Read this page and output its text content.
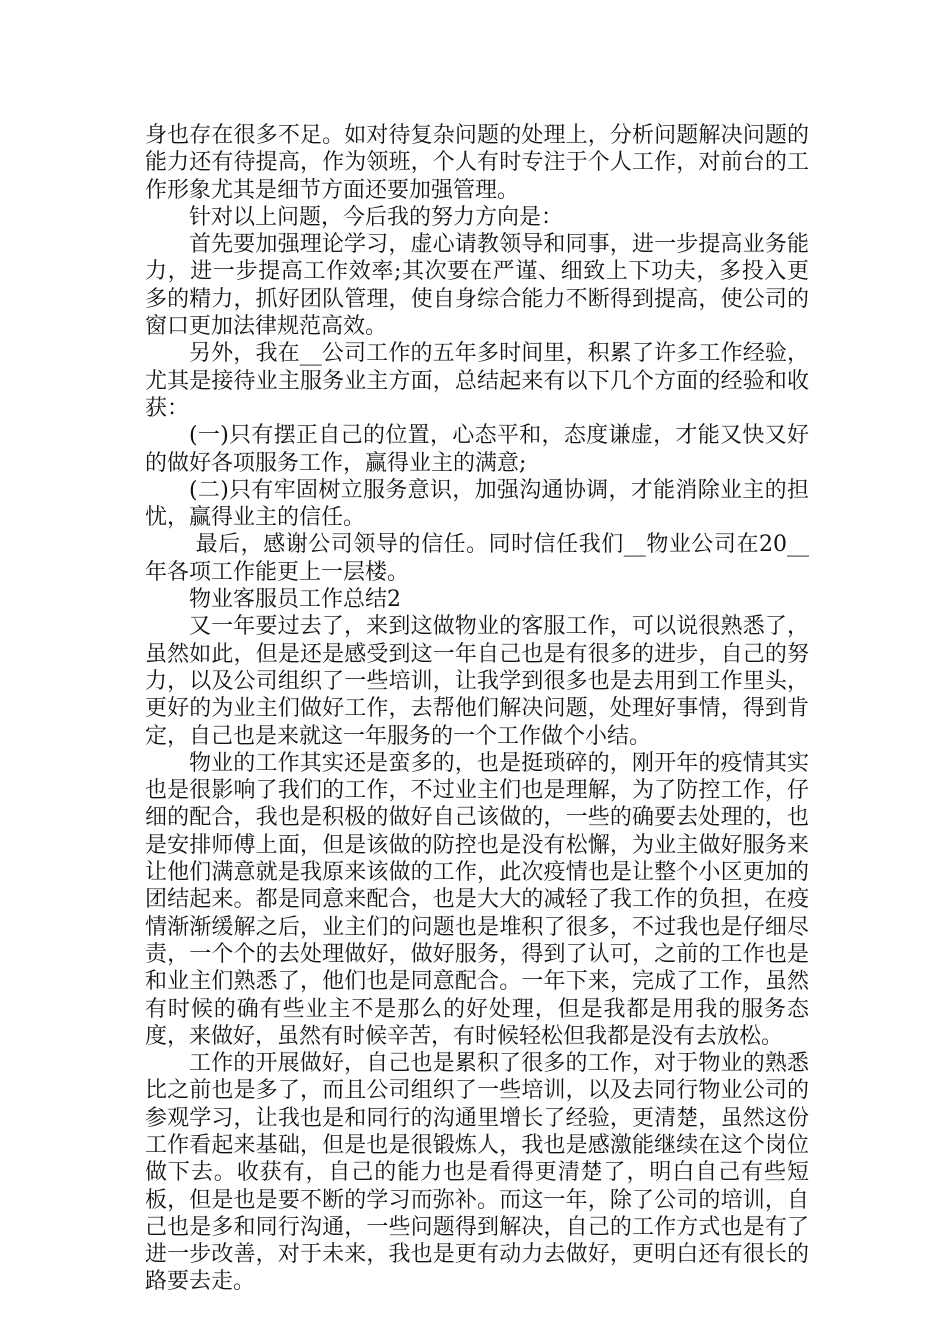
身也存在很多不足。如对待复杂问题的处理上，分析问题解决问题的能力还有待提高，作为领班，个人有时专注于个人工作，对前台的工作形象尤其是细节方面还要加强管理。

针对以上问题，今后我的努力方向是：

首先要加强理论学习，虚心请教领导和同事，进一步提高业务能力，进一步提高工作效率;其次要在严谨、细致上下功夫，多投入更多的精力，抓好团队管理，使自身综合能力不断得到提高，使公司的窗口更加法律规范高效。

另外，我在__公司工作的五年多时间里，积累了许多工作经验，尤其是接待业主服务业主方面，总结起来有以下几个方面的经验和收获：

(一)只有摆正自己的位置，心态平和，态度谦虚，才能又快又好的做好各项服务工作，赢得业主的满意;

(二)只有牢固树立服务意识，加强沟通协调，才能消除业主的担忧，赢得业主的信任。

最后，感谢公司领导的信任。同时信任我们__物业公司在20__年各项工作能更上一层楼。

物业客服员工作总结2

又一年要过去了，来到这做物业的客服工作，可以说很熟悉了，虽然如此，但是还是感受到这一年自己也是有很多的进步，自己的努力，以及公司组织了一些培训，让我学到很多也是去用到工作里头，更好的为业主们做好工作，去帮他们解决问题，处理好事情，得到肯定，自己也是来就这一年服务的一个工作做个小结。

物业的工作其实还是蛮多的，也是挺琐碎的，刚开年的疫情其实也是很影响了我们的工作，不过业主们也是理解，为了防控工作，仔细的配合，我也是积极的做好自己该做的，一些的确要去处理的，也是安排师傅上面，但是该做的防控也是没有松懈，为业主做好服务来让他们满意就是我原来该做的工作，此次疫情也是让整个小区更加的团结起来。都是同意来配合，也是大大的减轻了我工作的负担，在疫情渐渐缓解之后，业主们的问题也是堆积了很多，不过我也是仔细尽责，一个个的去处理做好，做好服务，得到了认可，之前的工作也是和业主们熟悉了，他们也是同意配合。一年下来，完成了工作，虽然有时候的确有些业主不是那么的好处理，但是我都是用我的服务态度，来做好，虽然有时候辛苦，有时候轻松但我都是没有去放松。

工作的开展做好，自己也是累积了很多的工作，对于物业的熟悉比之前也是多了，而且公司组织了一些培训，以及去同行物业公司的参观学习，让我也是和同行的沟通里增长了经验，更清楚，虽然这份工作看起来基础，但是也是很锻炼人，我也是感激能继续在这个岗位做下去。收获有，自己的能力也是看得更清楚了，明白自己有些短板，但是也是要不断的学习而弥补。而这一年，除了公司的培训，自己也是多和同行沟通，一些问题得到解决，自己的工作方式也是有了进一步改善，对于未来，我也是更有动力去做好，更明白还有很长的路要去走。
